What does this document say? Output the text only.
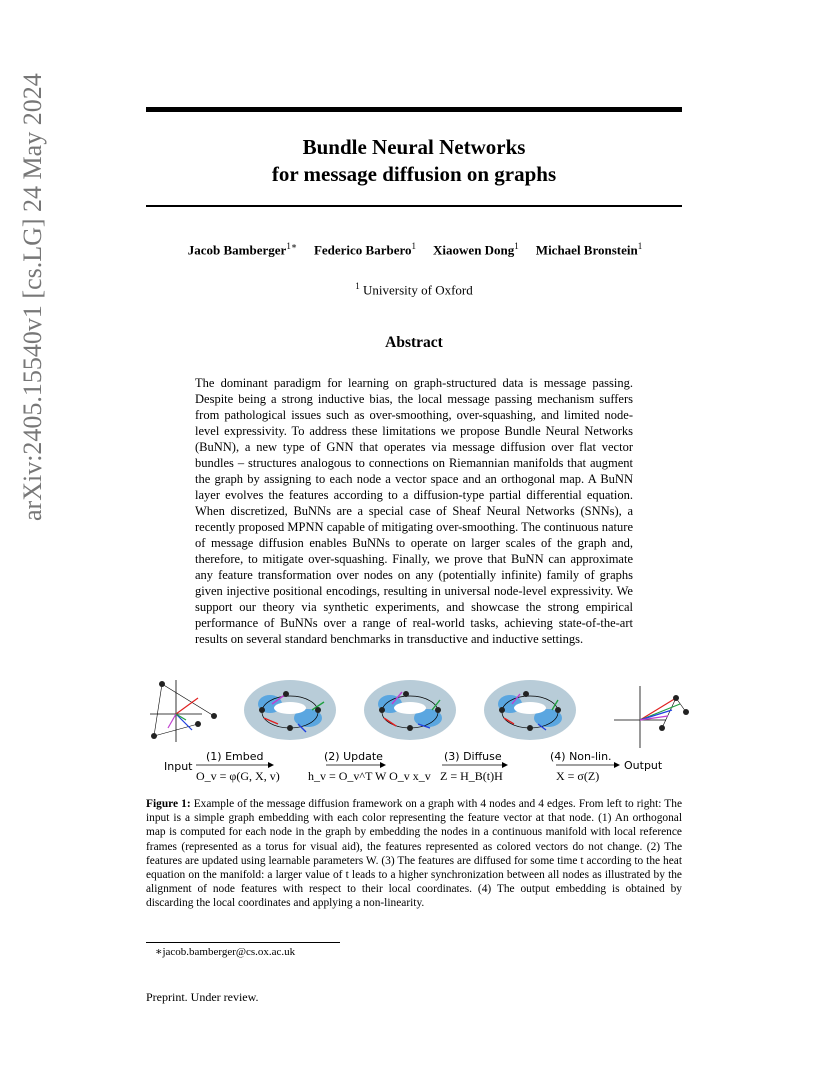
arXiv:2405.15540v1 [cs.LG] 24 May 2024	Bundle Neural Networks
for message diffusion on graphs
Jacob Bamberger$^{1∗}$ Federico Barbero$^1$ Xiaowen Dong$^1$ Michael Bronstein$^1$
$^1$ University of Oxford
Abstract
The dominant paradigm for learning on graph-structured data is message passing. Despite being a strong inductive bias, the local message passing mechanism suffers from pathological issues such as over-smoothing, over-squashing, and limited node-level expressivity. To address these limitations we propose Bundle Neural Networks (BuNN), a new type of GNN that operates via message diffusion over flat vector bundles – structures analogous to connections on Riemannian manifolds that augment the graph by assigning to each node a vector space and an orthogonal map. A BuNN layer evolves the features according to a diffusion-type partial differential equation. When discretized, BuNNs are a special case of Sheaf Neural Networks (SNNs), a recently proposed MPNN capable of mitigating over-smoothing. The continuous nature of message diffusion enables BuNNs to operate on larger scales of the graph and, therefore, to mitigate over-squashing. Finally, we prove that BuNN can approximate any feature transformation over nodes on any (potentially infinite) family of graphs given injective positional encodings, resulting in universal node-level expressivity. We support our theory via synthetic experiments, and showcase the strong empirical performance of BuNNs over a range of real-world tasks, achieving state-of-the-art results on several standard benchmarks in transductive and inductive settings.
Input	Output
(1) Embed
O_v = φ(G, X, v)
(2) Update
h_v = O_v^T W O_v x_v
(3) Diffuse
Z = H_B(t)H
(4) Non-lin.
X = σ(Z)
Figure 1: Example of the message diffusion framework on a graph with 4 nodes and 4 edges. From left to right: The input is a simple graph embedding with each color representing the feature vector at that node. (1) An orthogonal map is computed for each node in the graph by embedding the nodes in a continuous manifold with local reference frames (represented as a torus for visual aid), the features represented as colored vectors do not change. (2) The features are updated using learnable parameters W. (3) The features are diffused for some time t according to the heat equation on the manifold: a larger value of t leads to a higher synchronization between all nodes as illustrated by the alignment of node features with respect to their local coordinates. (4) The output embedding is obtained by discarding the local coordinates and applying a non-linearity.
∗jacob.bamberger@cs.ox.ac.uk
Preprint. Under review.
